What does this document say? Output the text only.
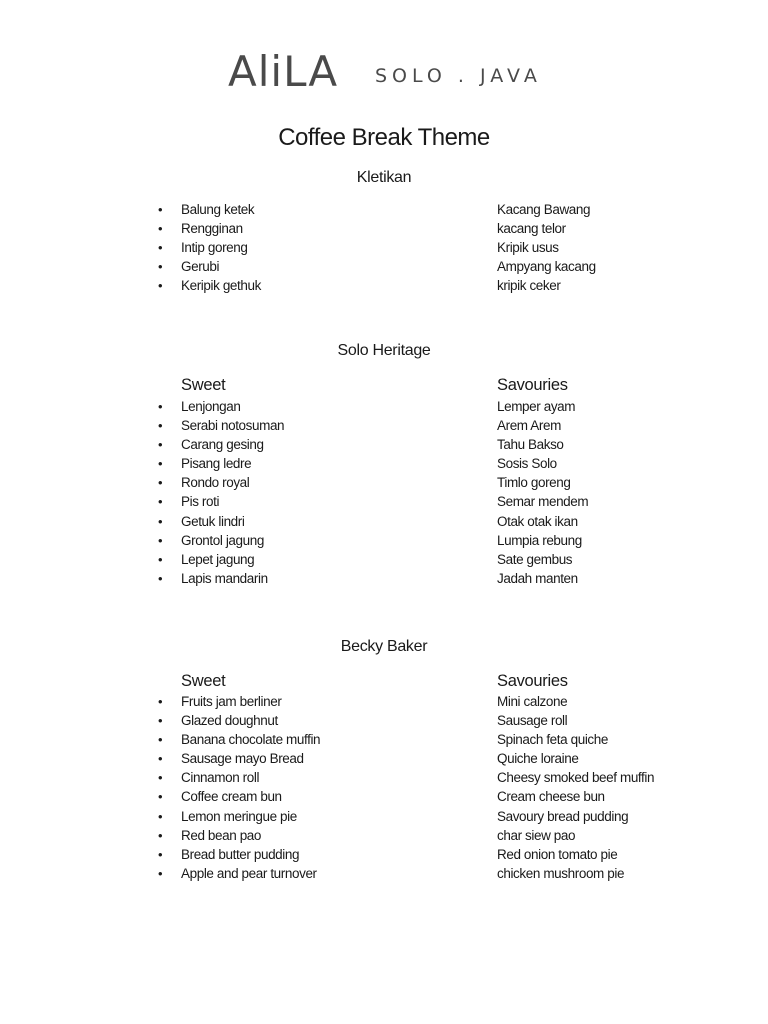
AliLA SOLO . JAVA
Coffee Break Theme
Kletikan
• Balung ketek
• Rengginan
• Intip goreng
• Gerubi
• Keripik gethuk
Kacang Bawang
kacang telor
Kripik usus
Ampyang kacang
kripik ceker
Solo Heritage
Sweet	Savouries
• Lenjongan
• Serabi notosuman
• Carang gesing
• Pisang ledre
• Rondo royal
• Pis roti
• Getuk lindri
• Grontol jagung
• Lepet jagung
• Lapis mandarin
Lemper ayam
Arem Arem
Tahu Bakso
Sosis Solo
Timlo goreng
Semar mendem
Otak otak ikan
Lumpia rebung
Sate gembus
Jadah manten
Becky Baker
Sweet	Savouries
• Fruits jam berliner
• Glazed doughnut
• Banana chocolate muffin
• Sausage mayo Bread
• Cinnamon roll
• Coffee cream bun
• Lemon meringue pie
• Red bean pao
• Bread butter pudding
• Apple and pear turnover
Mini calzone
Sausage roll
Spinach feta quiche
Quiche loraine
Cheesy smoked beef muffin
Cream cheese bun
Savoury bread pudding
char siew pao
Red onion tomato pie
chicken mushroom pie
